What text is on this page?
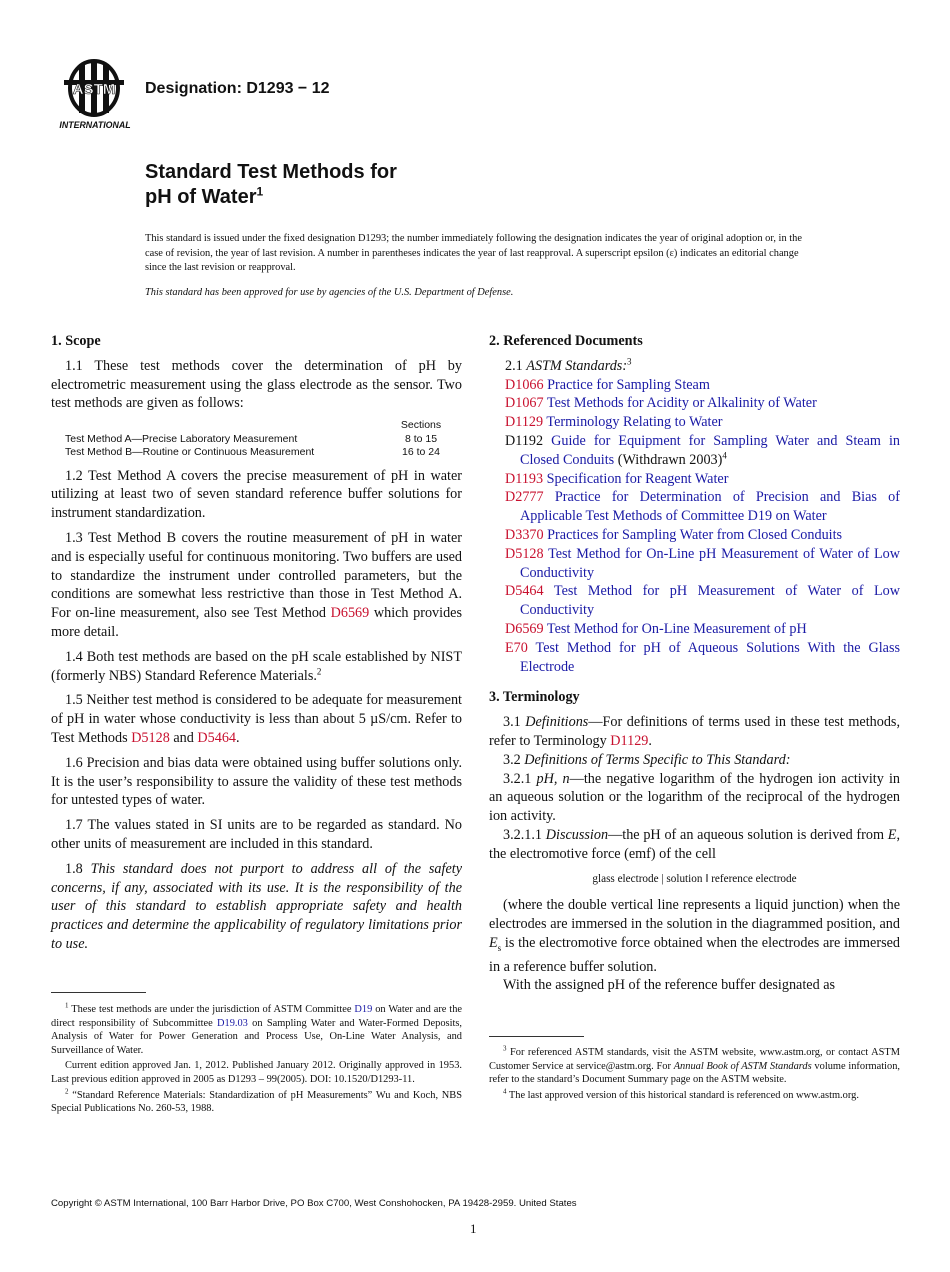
ASTM
INTERNATIONAL
Designation: D1293 − 12
Standard Test Methods for
pH of Water$^1$
This standard is issued under the fixed designation D1293; the number immediately following the designation indicates the year of original adoption or, in the case of revision, the year of last revision. A number in parentheses indicates the year of last reapproval. A superscript epsilon (ε) indicates an editorial change since the last revision or reapproval.
This standard has been approved for use by agencies of the U.S. Department of Defense.
1. Scope

1.1 These test methods cover the determination of pH by electrometric measurement using the glass electrode as the sensor. Two test methods are given as follows:

Sections
Test Method A—Precise Laboratory Measurement	8 to 15
Test Method B—Routine or Continuous Measurement	16 to 24

1.2 Test Method A covers the precise measurement of pH in water utilizing at least two of seven standard reference buffer solutions for instrument standardization.

1.3 Test Method B covers the routine measurement of pH in water and is especially useful for continuous monitoring. Two buffers are used to standardize the instrument under controlled parameters, but the conditions are somewhat less restrictive than those in Test Method A. For on-line measurement, also see Test Method D6569 which provides more detail.

1.4 Both test methods are based on the pH scale established by NIST (formerly NBS) Standard Reference Materials.$^2$

1.5 Neither test method is considered to be adequate for measurement of pH in water whose conductivity is less than about 5 µS/cm. Refer to Test Methods D5128 and D5464.

1.6 Precision and bias data were obtained using buffer solutions only. It is the user’s responsibility to assure the validity of these test methods for untested types of water.

1.7 The values stated in SI units are to be regarded as standard. No other units of measurement are included in this standard.

1.8 This standard does not purport to address all of the safety concerns, if any, associated with its use. It is the responsibility of the user of this standard to establish appropriate safety and health practices and determine the applicability of regulatory limitations prior to use.

$^1$ These test methods are under the jurisdiction of ASTM Committee D19 on Water and are the direct responsibility of Subcommittee D19.03 on Sampling Water and Water-Formed Deposits, Analysis of Water for Power Generation and Process Use, On-Line Water Analysis, and Surveillance of Water.

Current edition approved Jan. 1, 2012. Published January 2012. Originally approved in 1953. Last previous edition approved in 2005 as D1293 – 99(2005). DOI: 10.1520/D1293-11.

$^2$ “Standard Reference Materials: Standardization of pH Measurements” Wu and Koch, NBS Special Publications No. 260-53, 1988.

2. Referenced Documents
2.1 ASTM Standards:$^3$
D1066 Practice for Sampling Steam
D1067 Test Methods for Acidity or Alkalinity of Water
D1129 Terminology Relating to Water
D1192 Guide for Equipment for Sampling Water and Steam in Closed Conduits (Withdrawn 2003)$^4$
D1193 Specification for Reagent Water
D2777 Practice for Determination of Precision and Bias of Applicable Test Methods of Committee D19 on Water
D3370 Practices for Sampling Water from Closed Conduits
D5128 Test Method for On-Line pH Measurement of Water of Low Conductivity
D5464 Test Method for pH Measurement of Water of Low Conductivity
D6569 Test Method for On-Line Measurement of pH
E70 Test Method for pH of Aqueous Solutions With the Glass Electrode
3. Terminology

3.1 Definitions—For definitions of terms used in these test methods, refer to Terminology D1129.

3.2 Definitions of Terms Specific to This Standard:

3.2.1 pH, n—the negative logarithm of the hydrogen ion activity in an aqueous solution or the logarithm of the reciprocal of the hydrogen ion activity.

3.2.1.1 Discussion—the pH of an aqueous solution is derived from E, the electromotive force (emf) of the cell

glass electrode | solution ‖ reference electrode

(where the double vertical line represents a liquid junction) when the electrodes are immersed in the solution in the diagrammed position, and $E_s$ is the electromotive force obtained when the electrodes are immersed in a reference buffer solution.

With the assigned pH of the reference buffer designated as

$^3$ For referenced ASTM standards, visit the ASTM website, www.astm.org, or contact ASTM Customer Service at service@astm.org. For Annual Book of ASTM Standards volume information, refer to the standard’s Document Summary page on the ASTM website.

$^4$ The last approved version of this historical standard is referenced on www.astm.org.

Copyright © ASTM International, 100 Barr Harbor Drive, PO Box C700, West Conshohocken, PA 19428-2959. United States
1
